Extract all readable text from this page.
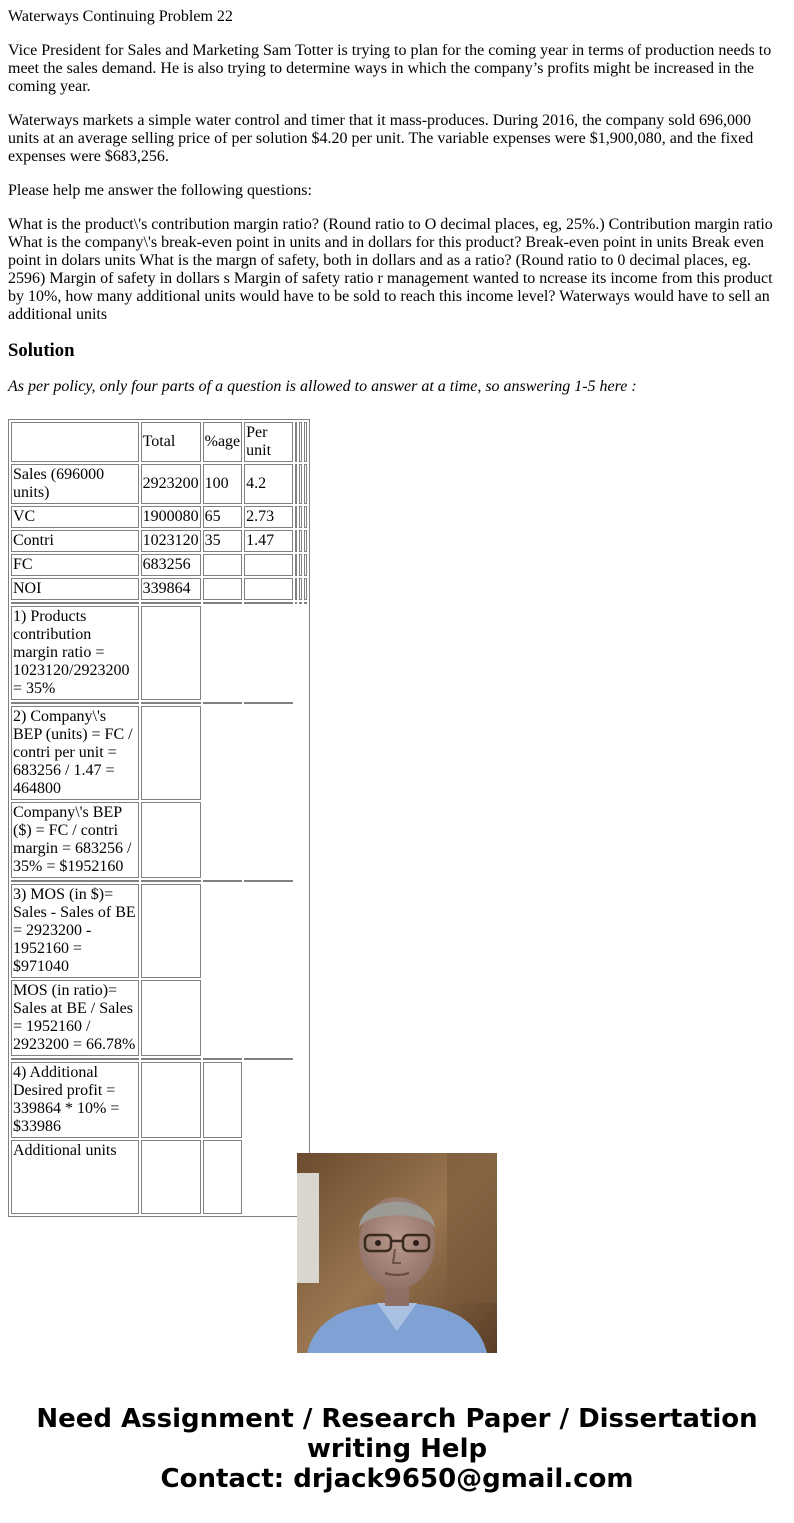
Waterways Continuing Problem 22

Vice President for Sales and Marketing Sam Totter is trying to plan for the coming year in terms of production needs to meet the sales demand. He is also trying to determine ways in which the company’s profits might be increased in the coming year.

Waterways markets a simple water control and timer that it mass-produces. During 2016, the company sold 696,000 units at an average selling price of per solution $4.20 per unit. The variable expenses were $1,900,080, and the fixed expenses were $683,256.

Please help me answer the following questions:

What is the product\'s contribution margin ratio? (Round ratio to O decimal places, eg, 25%.) Contribution margin ratio What is the company\'s break-even point in units and in dollars for this product? Break-even point in units Break even point in dolars units What is the margn of safety, both in dollars and as a ratio? (Round ratio to 0 decimal places, eg. 2596) Margin of safety in dollars s Margin of safety ratio r management wanted to ncrease its income from this product by 10%, how many additional units would have to be sold to reach this income level? Waterways would have to sell an additional units

Solution

As per policy, only four parts of a question is allowed to answer at a time, so answering 1-5 here :

	Total	%age	Per unit			
Sales (696000 units)	2923200	100	4.2			
VC	1900080	65	2.73			
Contri	1023120	35	1.47			
FC	683256					
NOI	339864					

1) Products contribution margin ratio = 1023120/2923200 = 35%						

2) Company\'s BEP (units) = FC / contri per unit = 683256 / 1.47 = 464800						
Company\'s BEP ($) = FC / contri margin = 683256 / 35% = $1952160						

3) MOS (in $)= Sales - Sales of BE = 2923200 - 1952160 = $971040						
MOS (in ratio)= Sales at BE / Sales = 1952160 / 2923200 = 66.78%						

4) Additional Desired profit = 339864 * 10% = $33986						
Additional units						
Need Assignment / Research Paper / Dissertation writing Help
Contact: drjack9650@gmail.com
